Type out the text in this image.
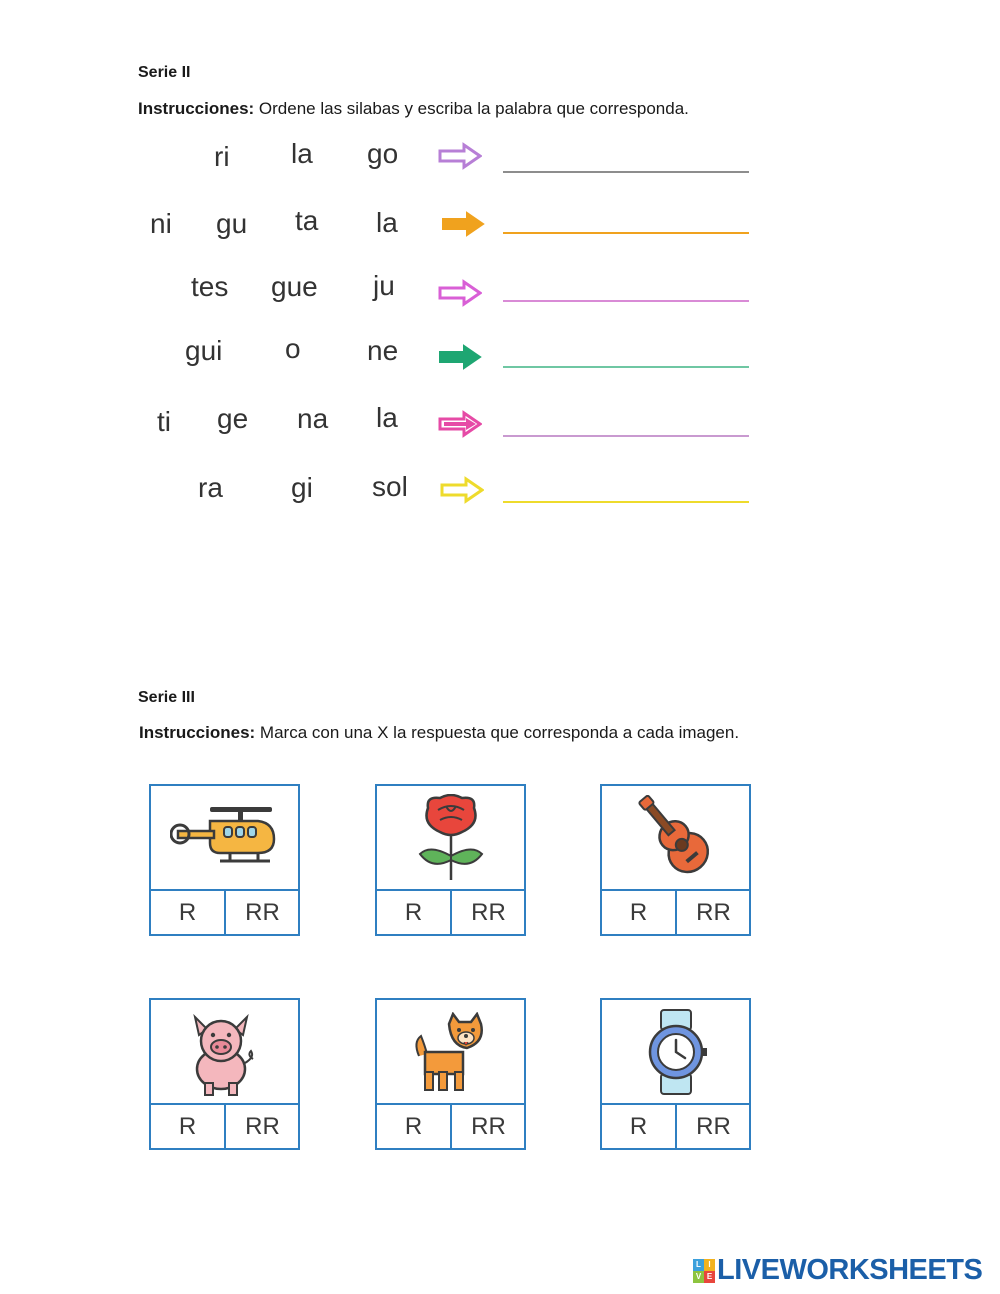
Serie II
Instrucciones: Ordene las silabas y escriba la palabra que corresponda.
ri la go
ni gu ta la
tes gue ju
gui o ne
ti ge na la
ra gi sol
Serie III
Instrucciones: Marca con una X la respuesta que corresponda a cada imagen.
R	RR	R	RR	R	RR
R	RR	R	RR	R	RR
L I
V E LIVEWORKSHEETS
